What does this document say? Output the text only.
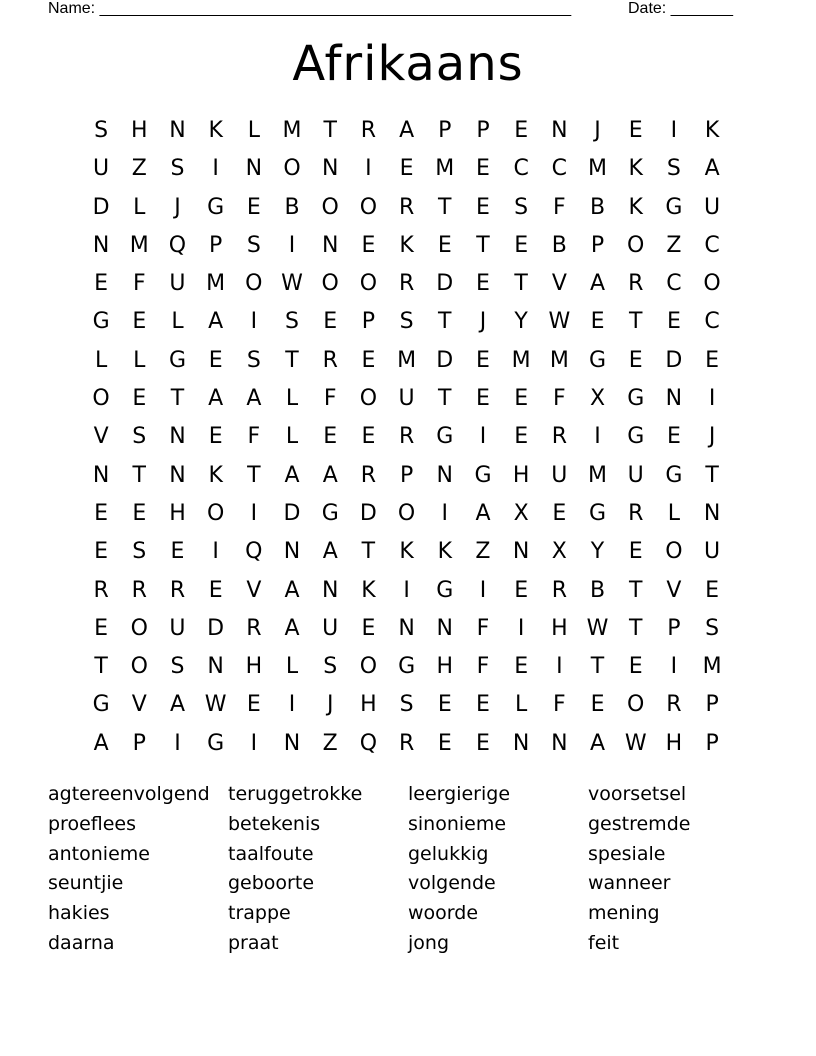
Name: _____________________________________________________	Date: _______
Afrikaans
S	H N	K	L	M T	R	A	P	P	E	N	J	E	I	K
U	Z	S	I	N O N	I	E M E	C	C M K	S	A
D	L	J	G	E	B O O R	T	E	S	F	B	K	G U
N M Q	P	S	I	N	E	K	E	T	E	B	P	O Z	C
E	F	U M O W O O R	D	E	T	V	A	R	C O
G	E	L	A	I	S	E	P	S	T	J	Y W E	T	E	C
L	L	G	E	S	T	R	E M D	E M M G	E	D	E
O	E	T	A	A	L	F	O U	T	E	E	F	X	G N	I
V	S	N	E	F	L	E	E	R	G	I	E	R	I	G	E	J
N	T	N	K	T	A	A	R	P	N G H U M U G	T
E	E	H O	I	D G D O	I	A	X	E	G	R	L	N
E	S	E	I	Q N	A	T	K	K	Z	N	X	Y	E	O U
R	R	R	E	V	A	N	K	I	G	I	E	R	B	T	V	E
E	O U D	R	A	U	E	N N	F	I	H W T	P	S
T	O	S	N H	L	S	O G H	F	E	I	T	E	I	M
G	V	A W E	I	J	H	S	E	E	L	F	E	O R	P
A	P	I	G	I	N	Z Q R	E	E	N N	A W H	P
agtereenvolgend teruggetrokke	leergierige	voorsetsel
proeflees	betekenis	sinonieme	gestremde
antonieme	taalfoute	gelukkig	spesiale
seuntjie	geboorte	volgende	wanneer
hakies	trappe	woorde	mening
daarna	praat	jong	feit
